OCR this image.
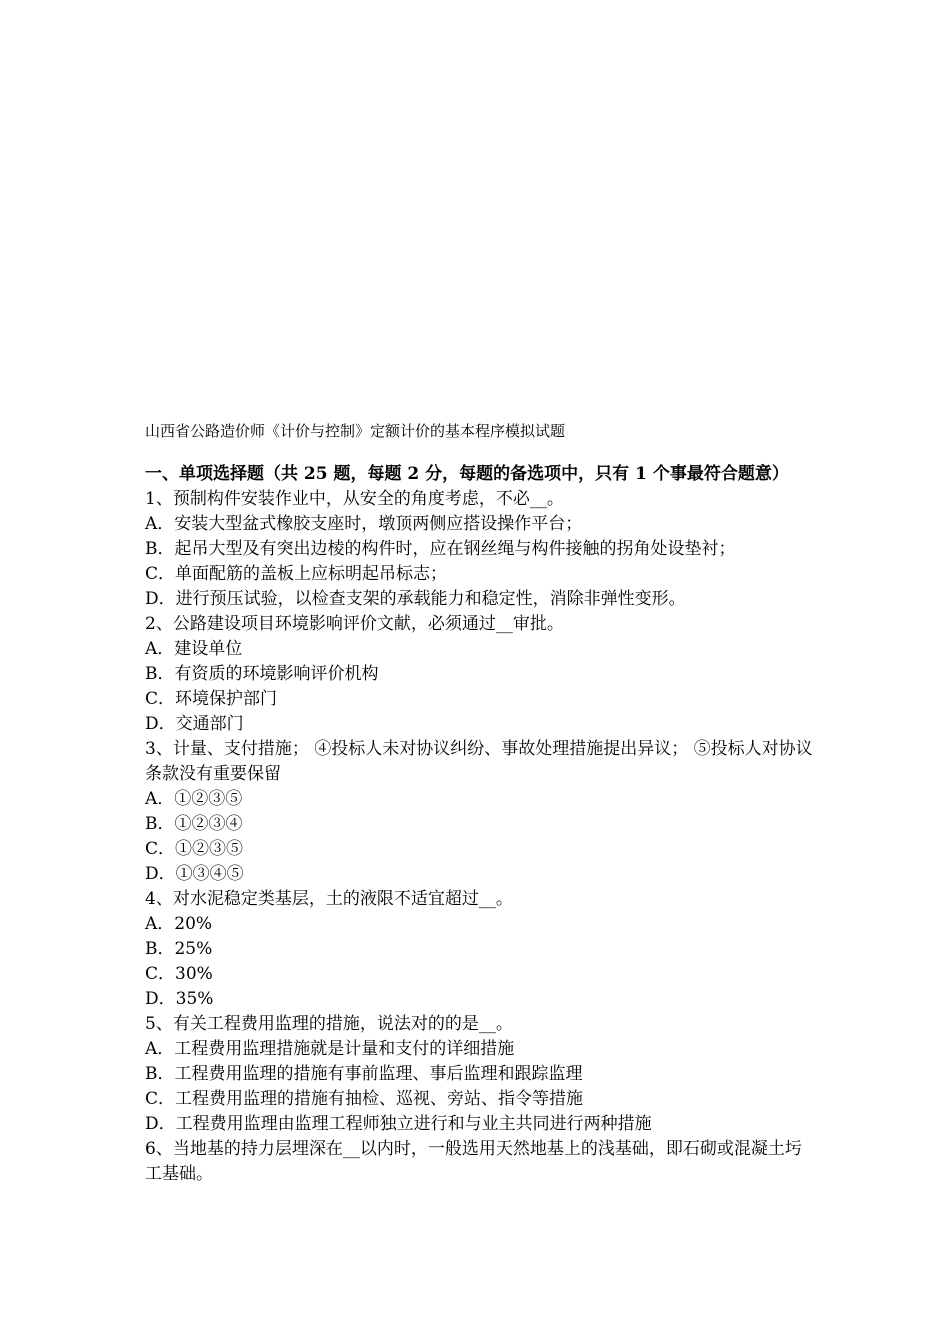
山西省公路造价师《计价与控制》定额计价的基本程序模拟试题

一、单项选择题（共 25 题，每题 2 分，每题的备选项中，只有 1 个事最符合题意）

1、预制构件安装作业中，从安全的角度考虑，不必__。

A．安装大型盆式橡胶支座时，墩顶两侧应搭设操作平台；

B．起吊大型及有突出边棱的构件时，应在钢丝绳与构件接触的拐角处设垫衬；

C．单面配筋的盖板上应标明起吊标志；

D．进行预压试验，以检查支架的承载能力和稳定性，消除非弹性变形。

2、公路建设项目环境影响评价文献，必须通过__审批。

A．建设单位

B．有资质的环境影响评价机构

C．环境保护部门

D．交通部门

3、计量、支付措施； ④投标人未对协议纠纷、事故处理措施提出异议； ⑤投标人对协议条款没有重要保留

A．①②③⑤

B．①②③④

C．①②③⑤

D．①③④⑤

4、对水泥稳定类基层，土的液限不适宜超过__。

A．20%

B．25%

C．30%

D．35%

5、有关工程费用监理的措施，说法对的的是__。

A．工程费用监理措施就是计量和支付的详细措施

B．工程费用监理的措施有事前监理、事后监理和跟踪监理

C．工程费用监理的措施有抽检、巡视、旁站、指令等措施

D．工程费用监理由监理工程师独立进行和与业主共同进行两种措施

6、当地基的持力层埋深在__以内时，一般选用天然地基上的浅基础，即石砌或混凝土圬工基础。
